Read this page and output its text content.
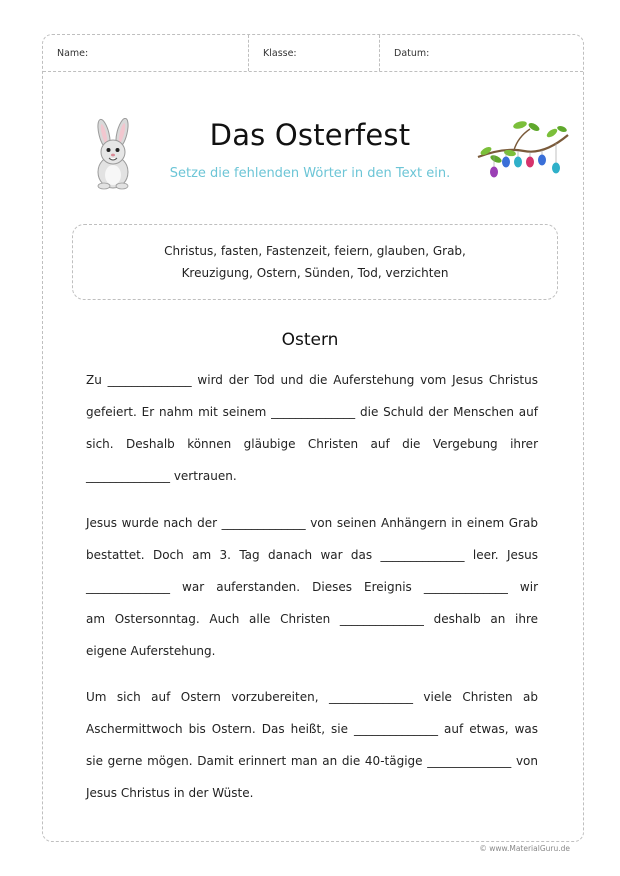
Name:	Klasse:	Datum:
Das Osterfest
Setze die fehlenden Wörter in den Text ein.
Christus, fasten, Fastenzeit, feiern, glauben, Grab,
Kreuzigung, Ostern, Sünden, Tod, verzichten
Ostern
Zu ______________ wird der Tod und die Auferstehung vom Jesus Christus
gefeiert. Er nahm mit seinem ______________ die Schuld der Menschen auf
sich. Deshalb können gläubige Christen auf die Vergebung ihrer
______________ vertrauen.
Jesus wurde nach der ______________ von seinen Anhängern in einem Grab
bestattet. Doch am 3. Tag danach war das ______________ leer. Jesus
______________ war auferstanden. Dieses Ereignis ______________ wir
am Ostersonntag. Auch alle Christen ______________ deshalb an ihre
eigene Auferstehung.
Um sich auf Ostern vorzubereiten, ______________ viele Christen ab
Aschermittwoch bis Ostern. Das heißt, sie ______________ auf etwas, was
sie gerne mögen. Damit erinnert man an die 40-tägige ______________ von
Jesus Christus in der Wüste.
© www.MaterialGuru.de
